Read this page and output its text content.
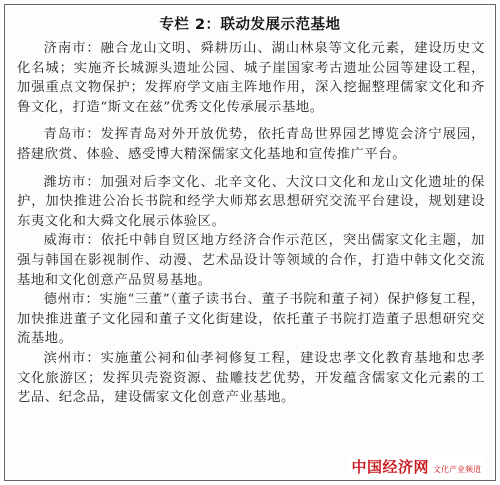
专栏 2：联动发展示范基地

济南市：融合龙山文明、舜耕历山、湖山林泉等文化元素，建设历史文化名城；实施齐长城源头遗址公园、城子崖国家考古遗址公园等建设工程，加强重点文物保护；发挥府学文庙主阵地作用，深入挖掘整理儒家文化和齐鲁文化，打造“斯文在兹”优秀文化传承展示基地。

青岛市：发挥青岛对外开放优势，依托青岛世界园艺博览会济宁展园，搭建欣赏、体验、感受博大精深儒家文化基地和宣传推广平台。

潍坊市：加强对后李文化、北辛文化、大汶口文化和龙山文化遗址的保护，加快推进公冶长书院和经学大师郑玄思想研究交流平台建设，规划建设东夷文化和大舜文化展示体验区。

威海市：依托中韩自贸区地方经济合作示范区，突出儒家文化主题，加强与韩国在影视制作、动漫、艺术品设计等领域的合作，打造中韩文化交流基地和文化创意产品贸易基地。

德州市：实施“三董”（董子读书台、董子书院和董子祠）保护修复工程，加快推进董子文化园和董子文化街建设，依托董子书院打造董子思想研究交流基地。

滨州市：实施董公祠和仙孝祠修复工程，建设忠孝文化教育基地和忠孝文化旅游区；发挥贝壳瓷资源、盐雕技艺优势，开发蕴含儒家文化元素的工艺品、纪念品，建设儒家文化创意产业基地。

中国经济网 文化产业频道
